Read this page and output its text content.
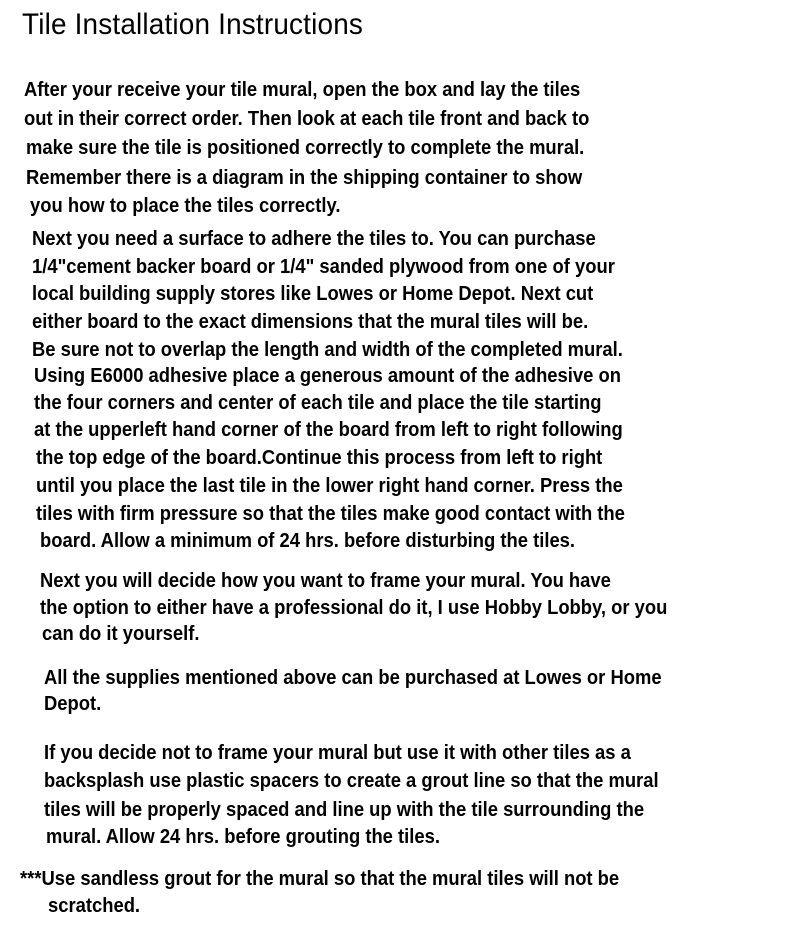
Tile Installation Instructions

After your receive your tile mural, open the box and lay the tiles

out in their correct order. Then look at each tile front and back to

make sure the tile is positioned correctly to complete the mural.

Remember there is a diagram in the shipping container to show

you how to place the tiles correctly.

Next you need a surface to adhere the tiles to. You can purchase

1/4"cement backer board or 1/4" sanded plywood from one of your

local building supply stores like Lowes or Home Depot. Next cut

either board to the exact dimensions that the mural tiles will be.

Be sure not to overlap the length and width of the completed mural.

Using E6000 adhesive place a generous amount of the adhesive on

the four corners and center of each tile and place the tile starting

at the upperleft hand corner of the board from left to right following

the top edge of the board.Continue this process from left to right

until you place the last tile in the lower right hand corner. Press the

tiles with firm pressure so that the tiles make good contact with the

board. Allow a minimum of 24 hrs. before disturbing the tiles.

Next you will decide how you want to frame your mural. You have

the option to either have a professional do it, I use Hobby Lobby, or you

can do it yourself.

All the supplies mentioned above can be purchased at Lowes or Home

Depot.

If you decide not to frame your mural but use it with other tiles as a

backsplash use plastic spacers to create a grout line so that the mural

tiles will be properly spaced and line up with the tile surrounding the

mural. Allow 24 hrs. before grouting the tiles.

***Use sandless grout for the mural so that the mural tiles will not be

scratched.
